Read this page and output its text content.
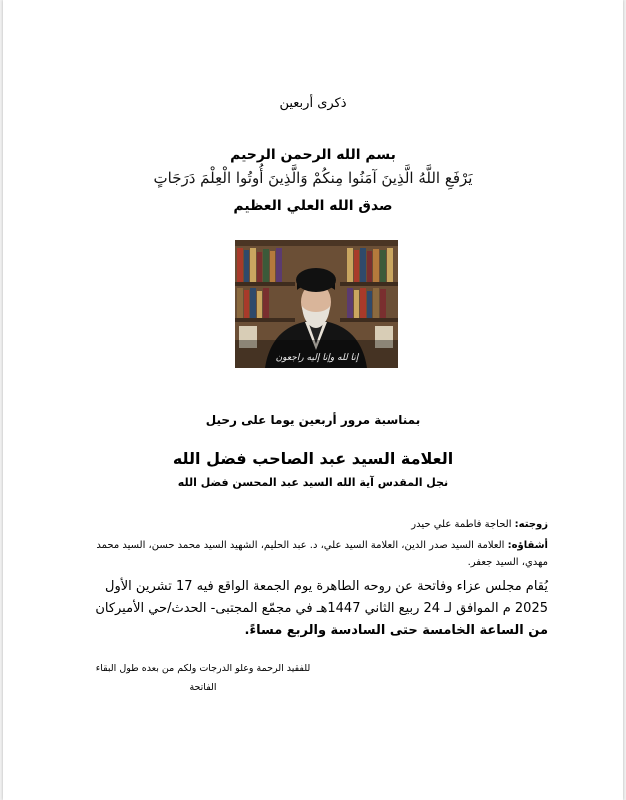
ذكرى أربعين
بسم الله الرحمن الرحيم
يَرْفَعِ اللَّهُ الَّذِينَ آمَنُوا مِنكُمْ وَالَّذِينَ أُوتُوا الْعِلْمَ دَرَجَاتٍ
صدق الله العلي العظيم
إنا لله وإنا إليه راجعون
بمناسبة مرور أربعين يوما على رحيل
العلامة السيد عبد الصاحب فضل الله
نجل المقدس آية الله السيد عبد المحسن فضل الله
زوجته: الحاجة فاطمة علي حيدر
أشقاؤه: العلامة السيد صدر الدين، العلامة السيد علي، د. عبد الحليم، الشهيد السيد محمد حسن، السيد محمد مهدي، السيد جعفر.
يُقام مجلس عزاء وفاتحة عن روحه الطاهرة يوم الجمعة الواقع فيه 17 تشرين الأول 2025 م الموافق لـ 24 ربيع الثاني 1447هـ في مجمّع المجتبى- الحدث/حي الأميركان من الساعة الخامسة حتى السادسة والربع مساءً.
للفقيد الرحمة وعلو الدرجات ولكم من بعده طول البقاء
الفاتحة
